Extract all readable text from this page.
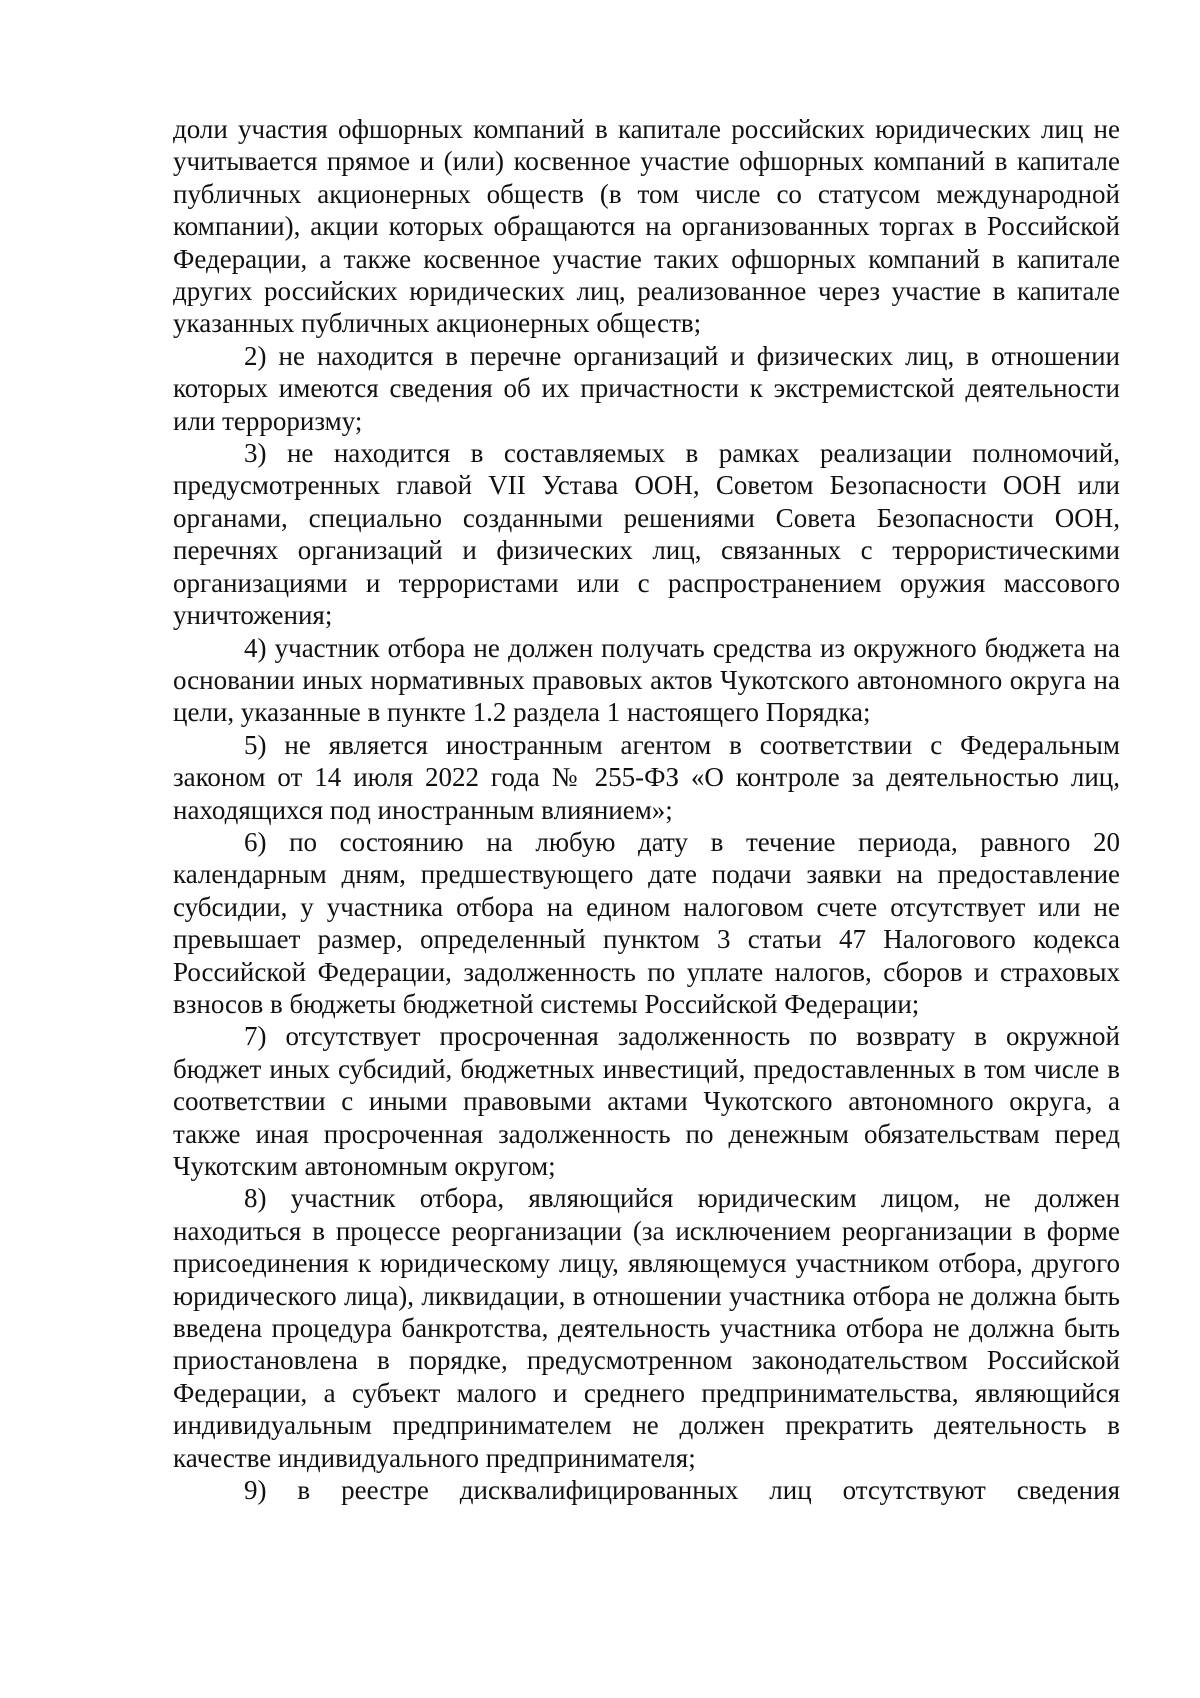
доли участия офшорных компаний в капитале российских юридических лиц не учитывается прямое и (или) косвенное участие офшорных компаний в капитале публичных акционерных обществ (в том числе со статусом международной компании), акции которых обращаются на организованных торгах в Российской Федерации, а также косвенное участие таких офшорных компаний в капитале других российских юридических лиц, реализованное через участие в капитале указанных публичных акционерных обществ;

2) не находится в перечне организаций и физических лиц, в отношении которых имеются сведения об их причастности к экстремистской деятельности или терроризму;

3) не находится в составляемых в рамках реализации полномочий, предусмотренных главой VII Устава ООН, Советом Безопасности ООН или органами, специально созданными решениями Совета Безопасности ООН, перечнях организаций и физических лиц, связанных с террористическими организациями и террористами или с распространением оружия массового уничтожения;

4) участник отбора не должен получать средства из окружного бюджета на основании иных нормативных правовых актов Чукотского автономного округа на цели, указанные в пункте 1.2 раздела 1 настоящего Порядка;

5) не является иностранным агентом в соответствии с Федеральным законом от 14 июля 2022 года № 255-ФЗ «О контроле за деятельностью лиц, находящихся под иностранным влиянием»;

6) по состоянию на любую дату в течение периода, равного 20 календарным дням, предшествующего дате подачи заявки на предоставление субсидии, у участника отбора на едином налоговом счете отсутствует или не превышает размер, определенный пунктом 3 статьи 47 Налогового кодекса Российской Федерации, задолженность по уплате налогов, сборов и страховых взносов в бюджеты бюджетной системы Российской Федерации;

7) отсутствует просроченная задолженность по возврату в окружной бюджет иных субсидий, бюджетных инвестиций, предоставленных в том числе в соответствии с иными правовыми актами Чукотского автономного округа, а также иная просроченная задолженность по денежным обязательствам перед Чукотским автономным округом;

8) участник отбора, являющийся юридическим лицом, не должен находиться в процессе реорганизации (за исключением реорганизации в форме присоединения к юридическому лицу, являющемуся участником отбора, другого юридического лица), ликвидации, в отношении участника отбора не должна быть введена процедура банкротства, деятельность участника отбора не должна быть приостановлена в порядке, предусмотренном законодательством Российской Федерации, а субъект малого и среднего предпринимательства, являющийся индивидуальным предпринимателем не должен прекратить деятельность в качестве индивидуального предпринимателя;

9) в реестре дисквалифицированных лиц отсутствуют сведения
